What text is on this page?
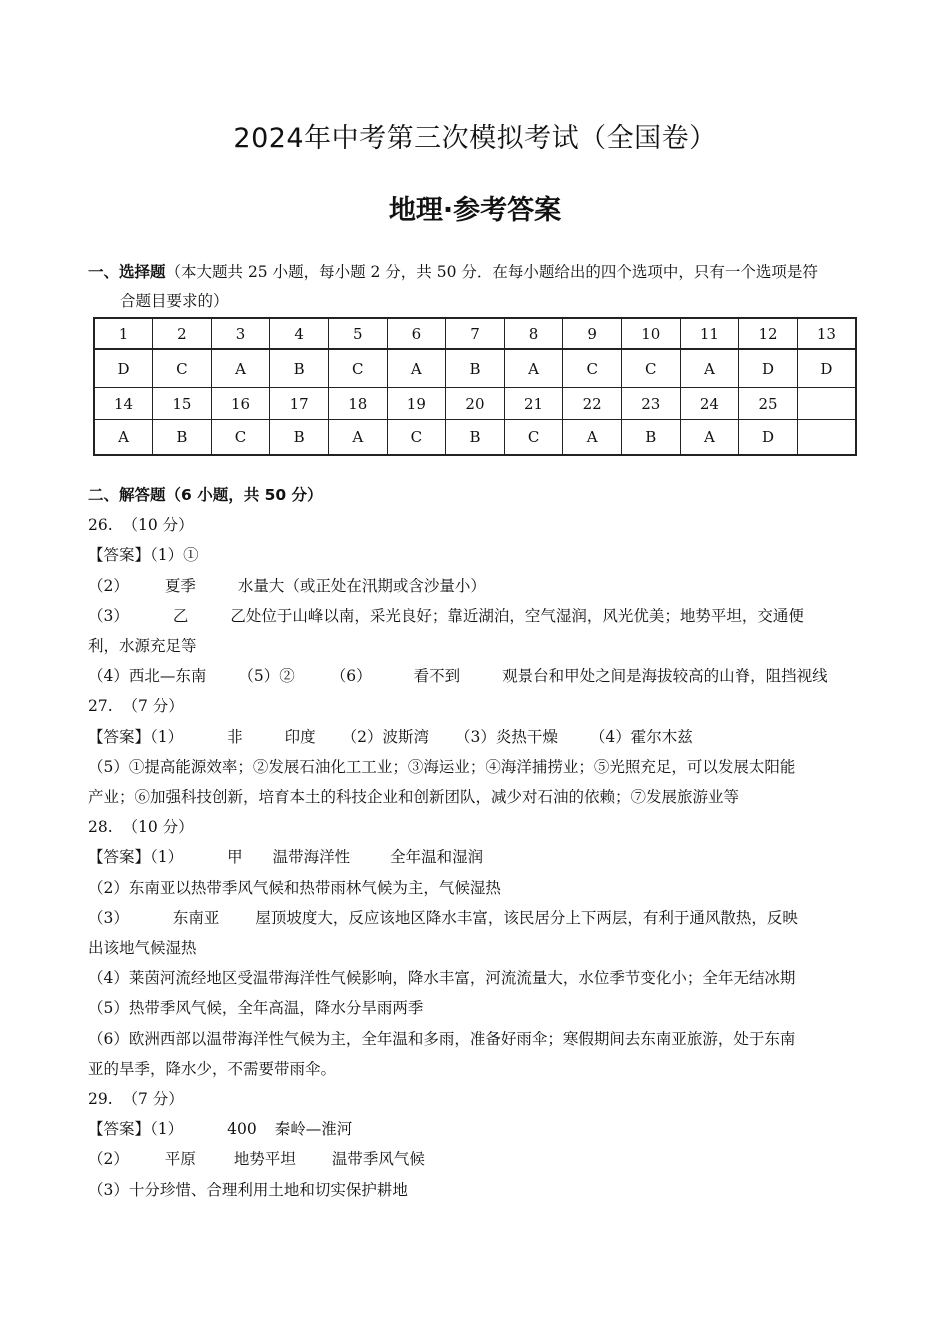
2024年中考第三次模拟考试（全国卷）
地理·参考答案
一、选择题（本大题共 25 小题，每小题 2 分，共 50 分．在每小题给出的四个选项中，只有一个选项是符
合题目要求的）
1	2	3	4	5	6	7	8	9	10	11	12	13
D	C	A	B	C	A	B	A	C	C	A	D	D
14	15	16	17	18	19	20	21	22	23	24	25	
A	B	C	B	A	C	B	C	A	B	A	D	
二、解答题（6 小题，共 50 分）
26.  （10 分）
【答案】（1）①
（2） 夏季	水量大（或正处在汛期或含沙量小）
（3）	乙	乙处位于山峰以南，采光良好；靠近湖泊，空气湿润，风光优美；地势平坦，交通便
利，水源充足等
（4）西北—东南 （5）② （6）	看不到	观景台和甲处之间是海拔较高的山脊，阻挡视线
27.  （7 分）
【答案】（1）	非	印度 （2）波斯湾 （3）炎热干燥 （4）霍尔木兹
（5）①提高能源效率；②发展石油化工工业；③海运业；④海洋捕捞业；⑤光照充足，可以发展太阳能
产业；⑥加强科技创新，培育本土的科技企业和创新团队，减少对石油的依赖；⑦发展旅游业等
28.  （10 分）
【答案】（1）	甲 温带海洋性	全年温和湿润
（2）东南亚以热带季风气候和热带雨林气候为主，气候湿热
（3）	东南亚 屋顶坡度大，反应该地区降水丰富，该民居分上下两层，有利于通风散热，反映
出该地气候湿热
（4）莱茵河流经地区受温带海洋性气候影响，降水丰富，河流流量大，水位季节变化小；全年无结冰期
（5）热带季风气候，全年高温，降水分旱雨两季
（6）欧洲西部以温带海洋性气候为主，全年温和多雨，准备好雨伞；寒假期间去东南亚旅游，处于东南
亚的旱季，降水少，不需要带雨伞。
29.  （7 分）
【答案】（1）	400 秦岭—淮河
（2） 平原 地势平坦 温带季风气候
（3）十分珍惜、合理利用土地和切实保护耕地
